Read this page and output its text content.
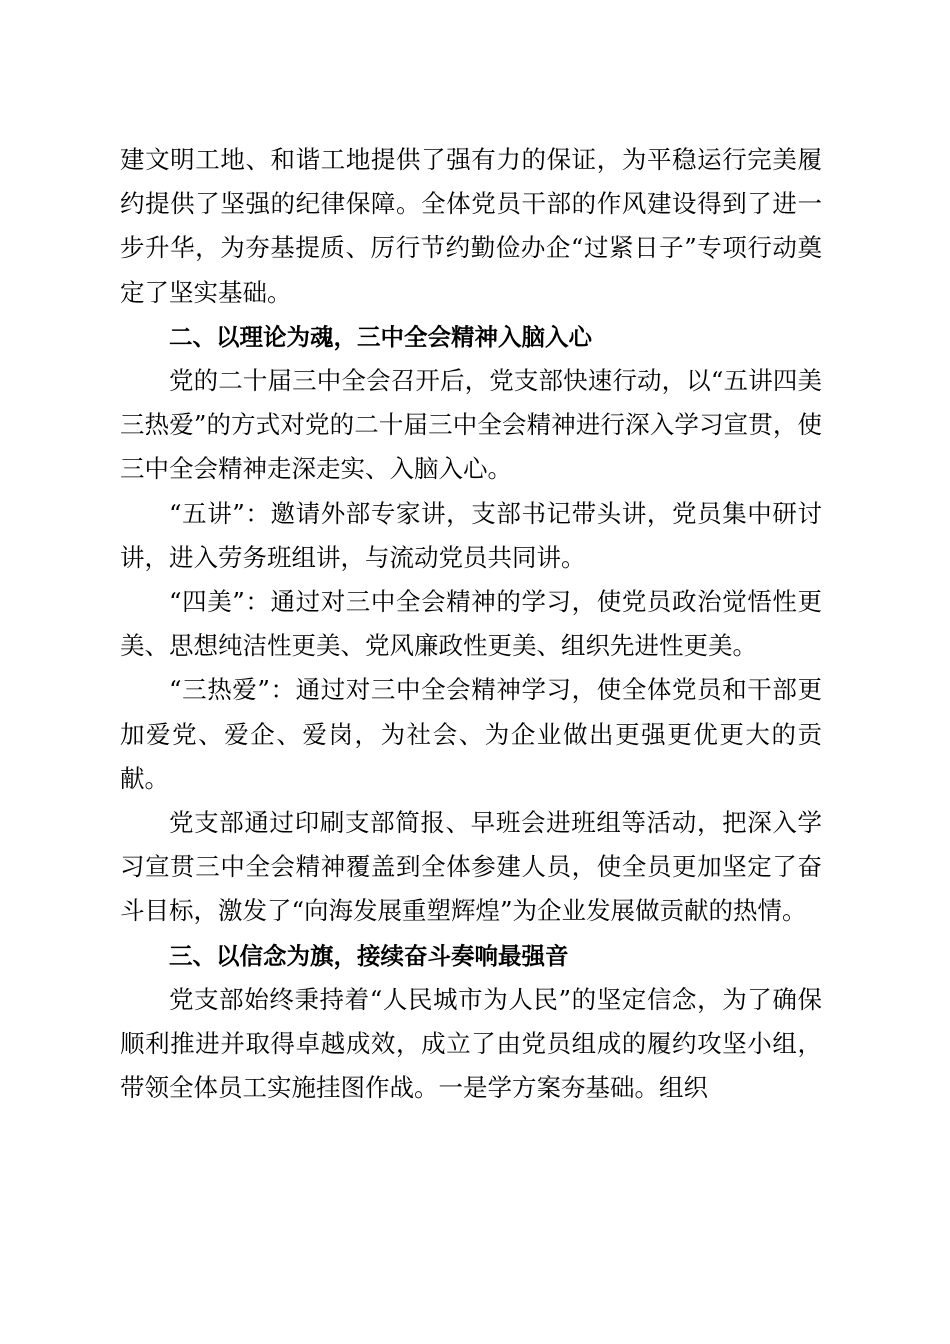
建文明工地、和谐工地提供了强有力的保证，为平稳运行完美履约提供了坚强的纪律保障。全体党员干部的作风建设得到了进一步升华，为夯基提质、厉行节约勤俭办企“过紧日子”专项行动奠定了坚实基础。

二、以理论为魂，三中全会精神入脑入心

党的二十届三中全会召开后，党支部快速行动，以“五讲四美三热爱”的方式对党的二十届三中全会精神进行深入学习宣贯，使三中全会精神走深走实、入脑入心。

“五讲”：邀请外部专家讲，支部书记带头讲，党员集中研讨讲，进入劳务班组讲，与流动党员共同讲。

“四美”：通过对三中全会精神的学习，使党员政治觉悟性更美、思想纯洁性更美、党风廉政性更美、组织先进性更美。

“三热爱”：通过对三中全会精神学习，使全体党员和干部更加爱党、爱企、爱岗，为社会、为企业做出更强更优更大的贡献。

党支部通过印刷支部简报、早班会进班组等活动，把深入学习宣贯三中全会精神覆盖到全体参建人员，使全员更加坚定了奋斗目标，激发了“向海发展重塑辉煌”为企业发展做贡献的热情。

三、以信念为旗，接续奋斗奏响最强音

党支部始终秉持着“人民城市为人民”的坚定信念，为了确保顺利推进并取得卓越成效，成立了由党员组成的履约攻坚小组，带领全体员工实施挂图作战。一是学方案夯基础。组织
